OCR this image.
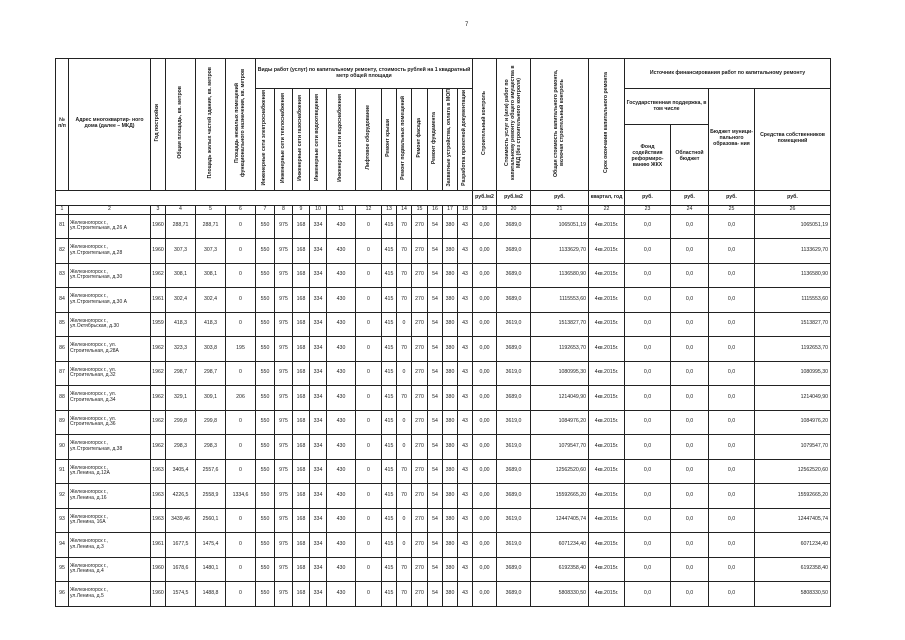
7
№ п/п	Адрес многоквартир- ного дома (далее – МКД)	Год постройки	Общая площадь, кв. метров	Площадь жилых частей здания, кв. метров	Площадь нежилых помещений функционального назначения, кв. метров	Виды работ (услуг) по капитальному ремонту, стоимость рублей на 1 квадратный метр общей площади												Строительный контроль	Стоимость услуг и (или) работ по капитальному ремонту общего имущества в МКД (без строительного контроля)	Общая стоимость капитального ремонта, включая строительный контроль	Срок окончания капитального ремонта	Источник финансирования работ по капитальному ремонту			
						Инженерные сети электроснабжения	Инженерные сети теплоснабжения	Инженерные сети газоснабжения	Инженерные сети водоотведения	Инженерные сети водоснабжения	Лифтовое оборудование	Ремонт крыши	Ремонт подвальных помещений	Ремонт фасада	Ремонт фундамента	Захватные устройства, оплата в МОП	Разработка проектной документации					Государственная поддержка, в том числе		Бюджет муници- пального образова- ния	Средства собственников помещений
																						Фонд содействия реформиро- ванию ЖКХ	Областной бюджет		
																		руб./м2	руб./м2	руб.	квартал, год	руб.	руб.	руб.	руб.
1	2	3	4	5	6	7	8	9	10	11	12	13	14	15	16	17	18	19	20	21	22	23	24	25	26
81	Железногорск г.,
ул.Строительная, д.26 А	1960	288,71	288,71	0	550	975	168	334	430	0	415	70	270	54	380	43	0,00	3689,0	1065051,19	4кв.2015г.	0,0	0,0	0,0	1065051,19
82	Железногорск г.,
ул.Строительная, д.28	1960	307,3	307,3	0	550	975	168	334	430	0	415	70	270	54	380	43	0,00	3689,0	1133629,70	4кв.2015г.	0,0	0,0	0,0	1133629,70
83	Железногорск г.,
ул.Строительная, д.30	1962	308,1	308,1	0	550	975	168	334	430	0	415	70	270	54	380	43	0,00	3689,0	1136580,90	4кв.2015г.	0,0	0,0	0,0	1136580,90
84	Железногорск г.,
ул.Строительная, д.30 А	1961	302,4	302,4	0	550	975	168	334	430	0	415	70	270	54	380	43	0,00	3689,0	1115553,60	4кв.2015г.	0,0	0,0	0,0	1115553,60
85	Железногорск г.,
ул.Октябрьская, д.30	1959	418,3	418,3	0	550	975	168	334	430	0	415	0	270	54	380	43	0,00	3619,0	1513827,70	4кв.2015г.	0,0	0,0	0,0	1513827,70
86	Железногорск г., ул.
Строительная, д.28А	1962	323,3	303,8	195	550	975	168	334	430	0	415	70	270	54	380	43	0,00	3689,0	1192653,70	4кв.2015г.	0,0	0,0	0,0	1192653,70
87	Железногорск г., ул.
Строительная, д.32	1962	298,7	298,7	0	550	975	168	334	430	0	415	0	270	54	380	43	0,00	3619,0	1080995,30	4кв.2015г.	0,0	0,0	0,0	1080995,30
88	Железногорск г., ул.
Строительная, д.34	1962	329,1	309,1	206	550	975	168	334	430	0	415	70	270	54	380	43	0,00	3689,0	1214049,90	4кв.2015г.	0,0	0,0	0,0	1214049,90
89	Железногорск г., ул.
Строительная, д.36	1962	299,8	299,8	0	550	975	168	334	430	0	415	0	270	54	380	43	0,00	3619,0	1084976,20	4кв.2015г.	0,0	0,0	0,0	1084976,20
90	Железногорск г.,
ул.Строительная, д.38	1962	298,3	298,3	0	550	975	168	334	430	0	415	0	270	54	380	43	0,00	3619,0	1079547,70	4кв.2015г.	0,0	0,0	0,0	1079547,70
91	Железногорск г.,
ул.Ленина, д.12А	1963	3405,4	2557,6	0	550	975	168	334	430	0	415	70	270	54	380	43	0,00	3689,0	12562520,60	4кв.2015г.	0,0	0,0	0,0	12562520,60
92	Железногорск г.,
ул.Ленина, д.16	1963	4226,5	2558,9	1334,6	550	975	168	334	430	0	415	70	270	54	380	43	0,00	3689,0	15592665,20	4кв.2015г.	0,0	0,0	0,0	15592665,20
93	Железногорск г.,
ул.Ленина, 16А	1963	3439,46	2560,1	0	550	975	168	334	430	0	415	0	270	54	380	43	0,00	3619,0	12447405,74	4кв.2015г.	0,0	0,0	0,0	12447405,74
94	Железногорск г.,
ул.Ленина, д.3	1961	1677,5	1475,4	0	550	975	168	334	430	0	415	0	270	54	380	43	0,00	3619,0	6071234,40	4кв.2015г.	0,0	0,0	0,0	6071234,40
95	Железногорск г.,
ул.Ленина, д.4	1960	1678,6	1480,1	0	550	975	168	334	430	0	415	70	270	54	380	43	0,00	3689,0	6192358,40	4кв.2015г.	0,0	0,0	0,0	6192358,40
96	Железногорск г.,
ул.Ленина, д.5	1960	1574,5	1488,8	0	550	975	168	334	430	0	415	70	270	54	380	43	0,00	3689,0	5808330,50	4кв.2015г.	0,0	0,0	0,0	5808330,50
